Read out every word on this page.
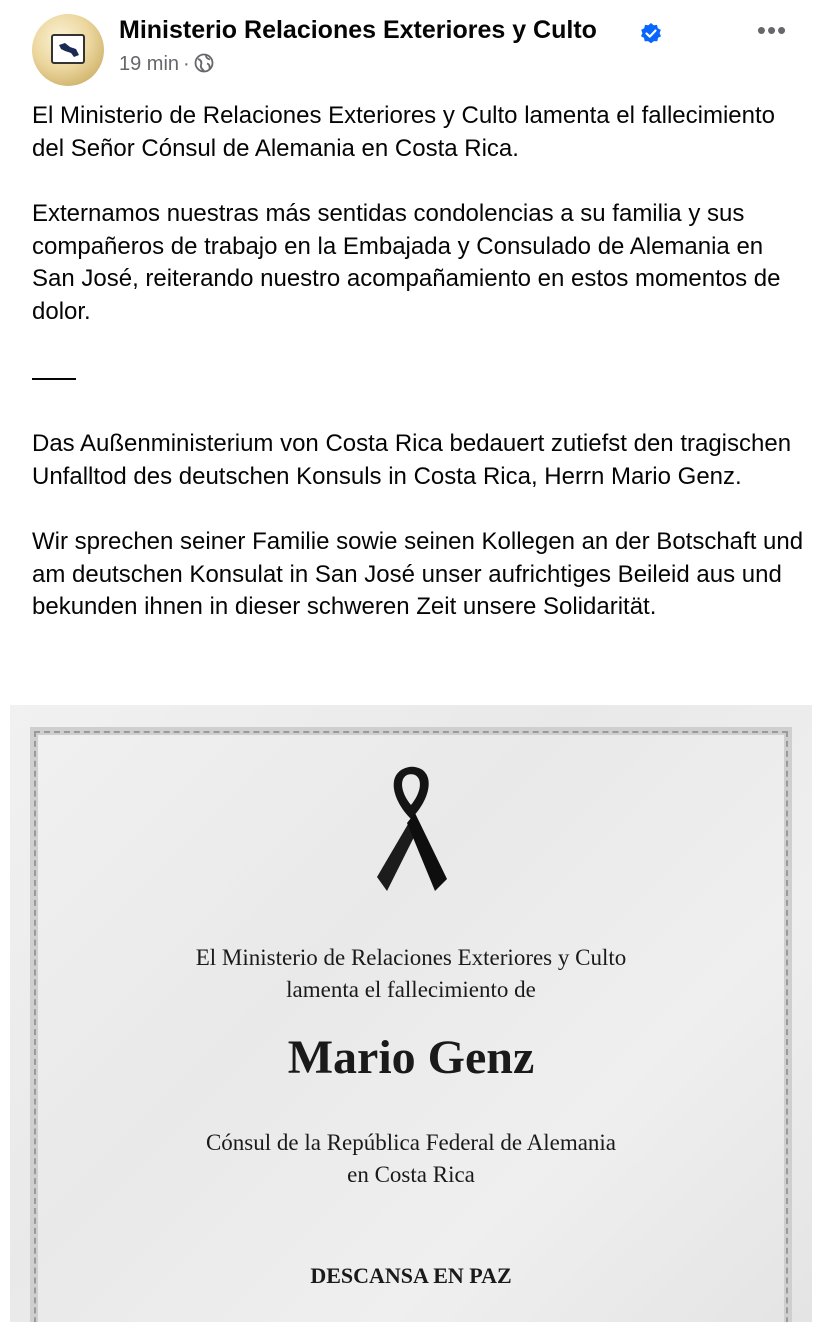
Ministerio Relaciones Exteriores y Culto
19 min ·
•••

El Ministerio de Relaciones Exteriores y Culto lamenta el fallecimiento del Señor Cónsul de Alemania en Costa Rica.

Externamos nuestras más sentidas condolencias a su familia y sus compañeros de trabajo en la Embajada y Consulado de Alemania en San José, reiterando nuestro acompañamiento en estos momentos de dolor.

Das Außenministerium von Costa Rica bedauert zutiefst den tragischen Unfalltod des deutschen Konsuls in Costa Rica, Herrn Mario Genz.

Wir sprechen seiner Familie sowie seinen Kollegen an der Botschaft und am deutschen Konsulat in San José unser aufrichtiges Beileid aus und bekunden ihnen in dieser schweren Zeit unsere Solidarität.

El Ministerio de Relaciones Exteriores y Culto
lamenta el fallecimiento de
Mario Genz
Cónsul de la República Federal de Alemania
en Costa Rica
DESCANSA EN PAZ
